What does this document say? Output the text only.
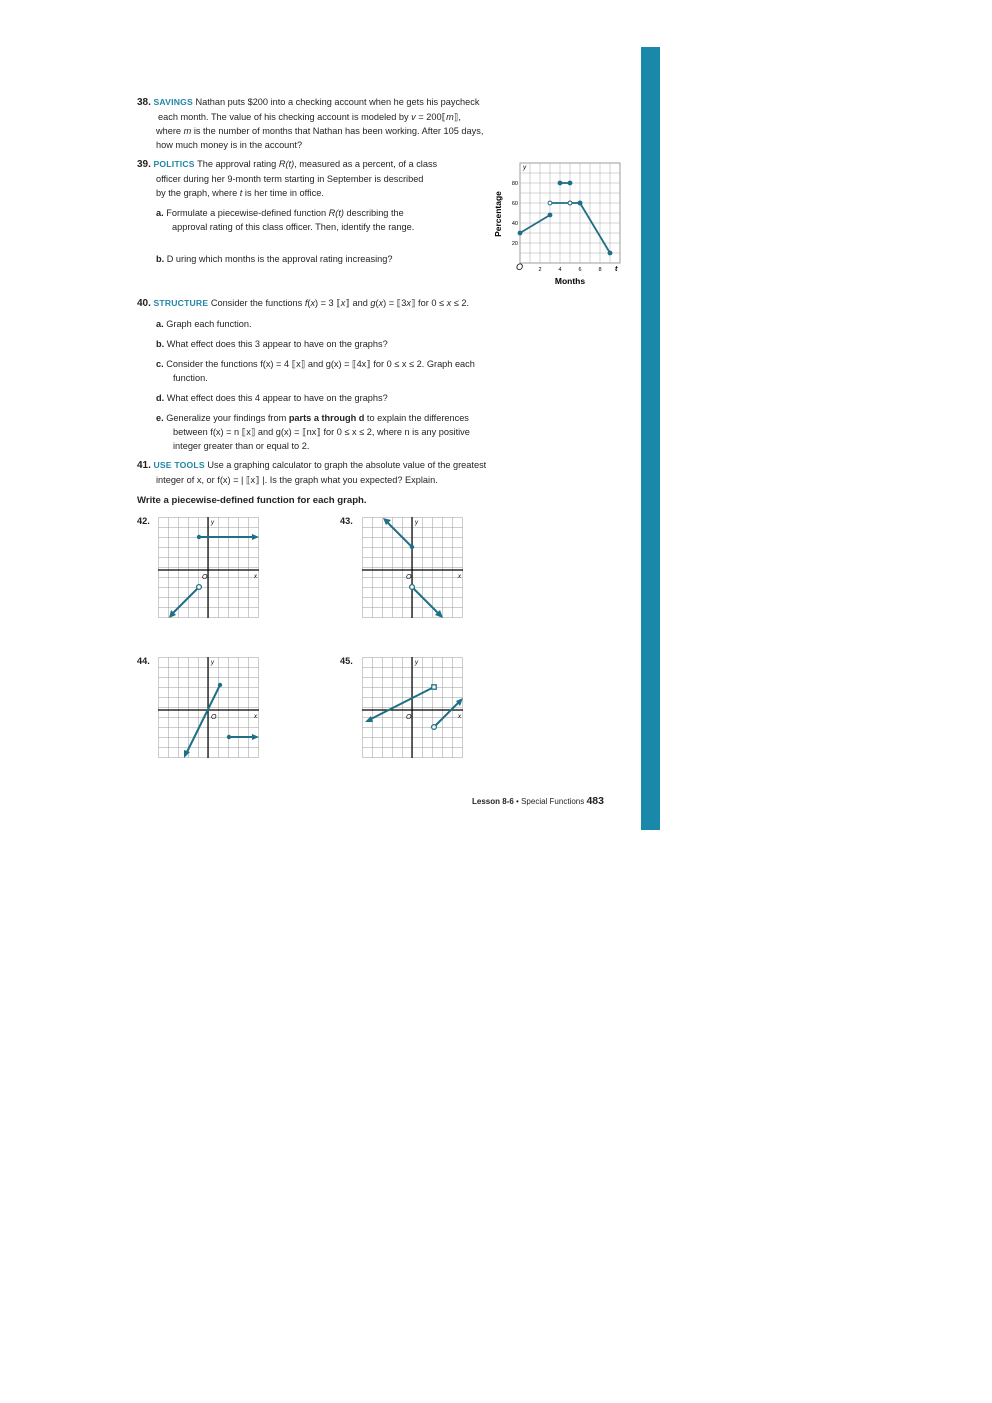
38. SAVINGS Nathan puts $200 into a checking account when he gets his paycheck
each month. The value of his checking account is modeled by v = 200⟦m⟧,
where m is the number of months that Nathan has been working. After 105 days,
how much money is in the account?
39. POLITICS The approval rating R(t), measured as a percent, of a class
officer during her 9-month term starting in September is described
by the graph, where t is her time in office.
a. Formulate a piecewise-defined function R(t) describing the
approval rating of this class officer. Then, identify the range.
b. D uring which months is the approval rating increasing?
20
40
60
80
2	4	6	8
O	t
y
Months
Percentage
40. STRUCTURE Consider the functions f(x) = 3 ⟦x⟧ and g(x) = ⟦3x⟧ for 0 ≤ x ≤ 2.
a. Graph each function.
b. What effect does this 3 appear to have on the graphs?
c. Consider the functions f(x) = 4 ⟦x⟧ and g(x) = ⟦4x⟧ for 0 ≤ x ≤ 2. Graph each
function.
d. What effect does this 4 appear to have on the graphs?
e. Generalize your findings from parts a through d to explain the differences
between f(x) = n ⟦x⟧ and g(x) = ⟦nx⟧ for 0 ≤ x ≤ 2, where n is any positive
integer greater than or equal to 2.
41. USE TOOLS Use a graphing calculator to graph the absolute value of the greatest
integer of x, or f(x) = | ⟦x⟧ |. Is the graph what you expected? Explain.
Write a piecewise-defined function for each graph.
42.	43.
44.	45.
O	x
y
O	x
y
O	x
y
O	x
y
Lesson 8-6 • Special Functions 483
